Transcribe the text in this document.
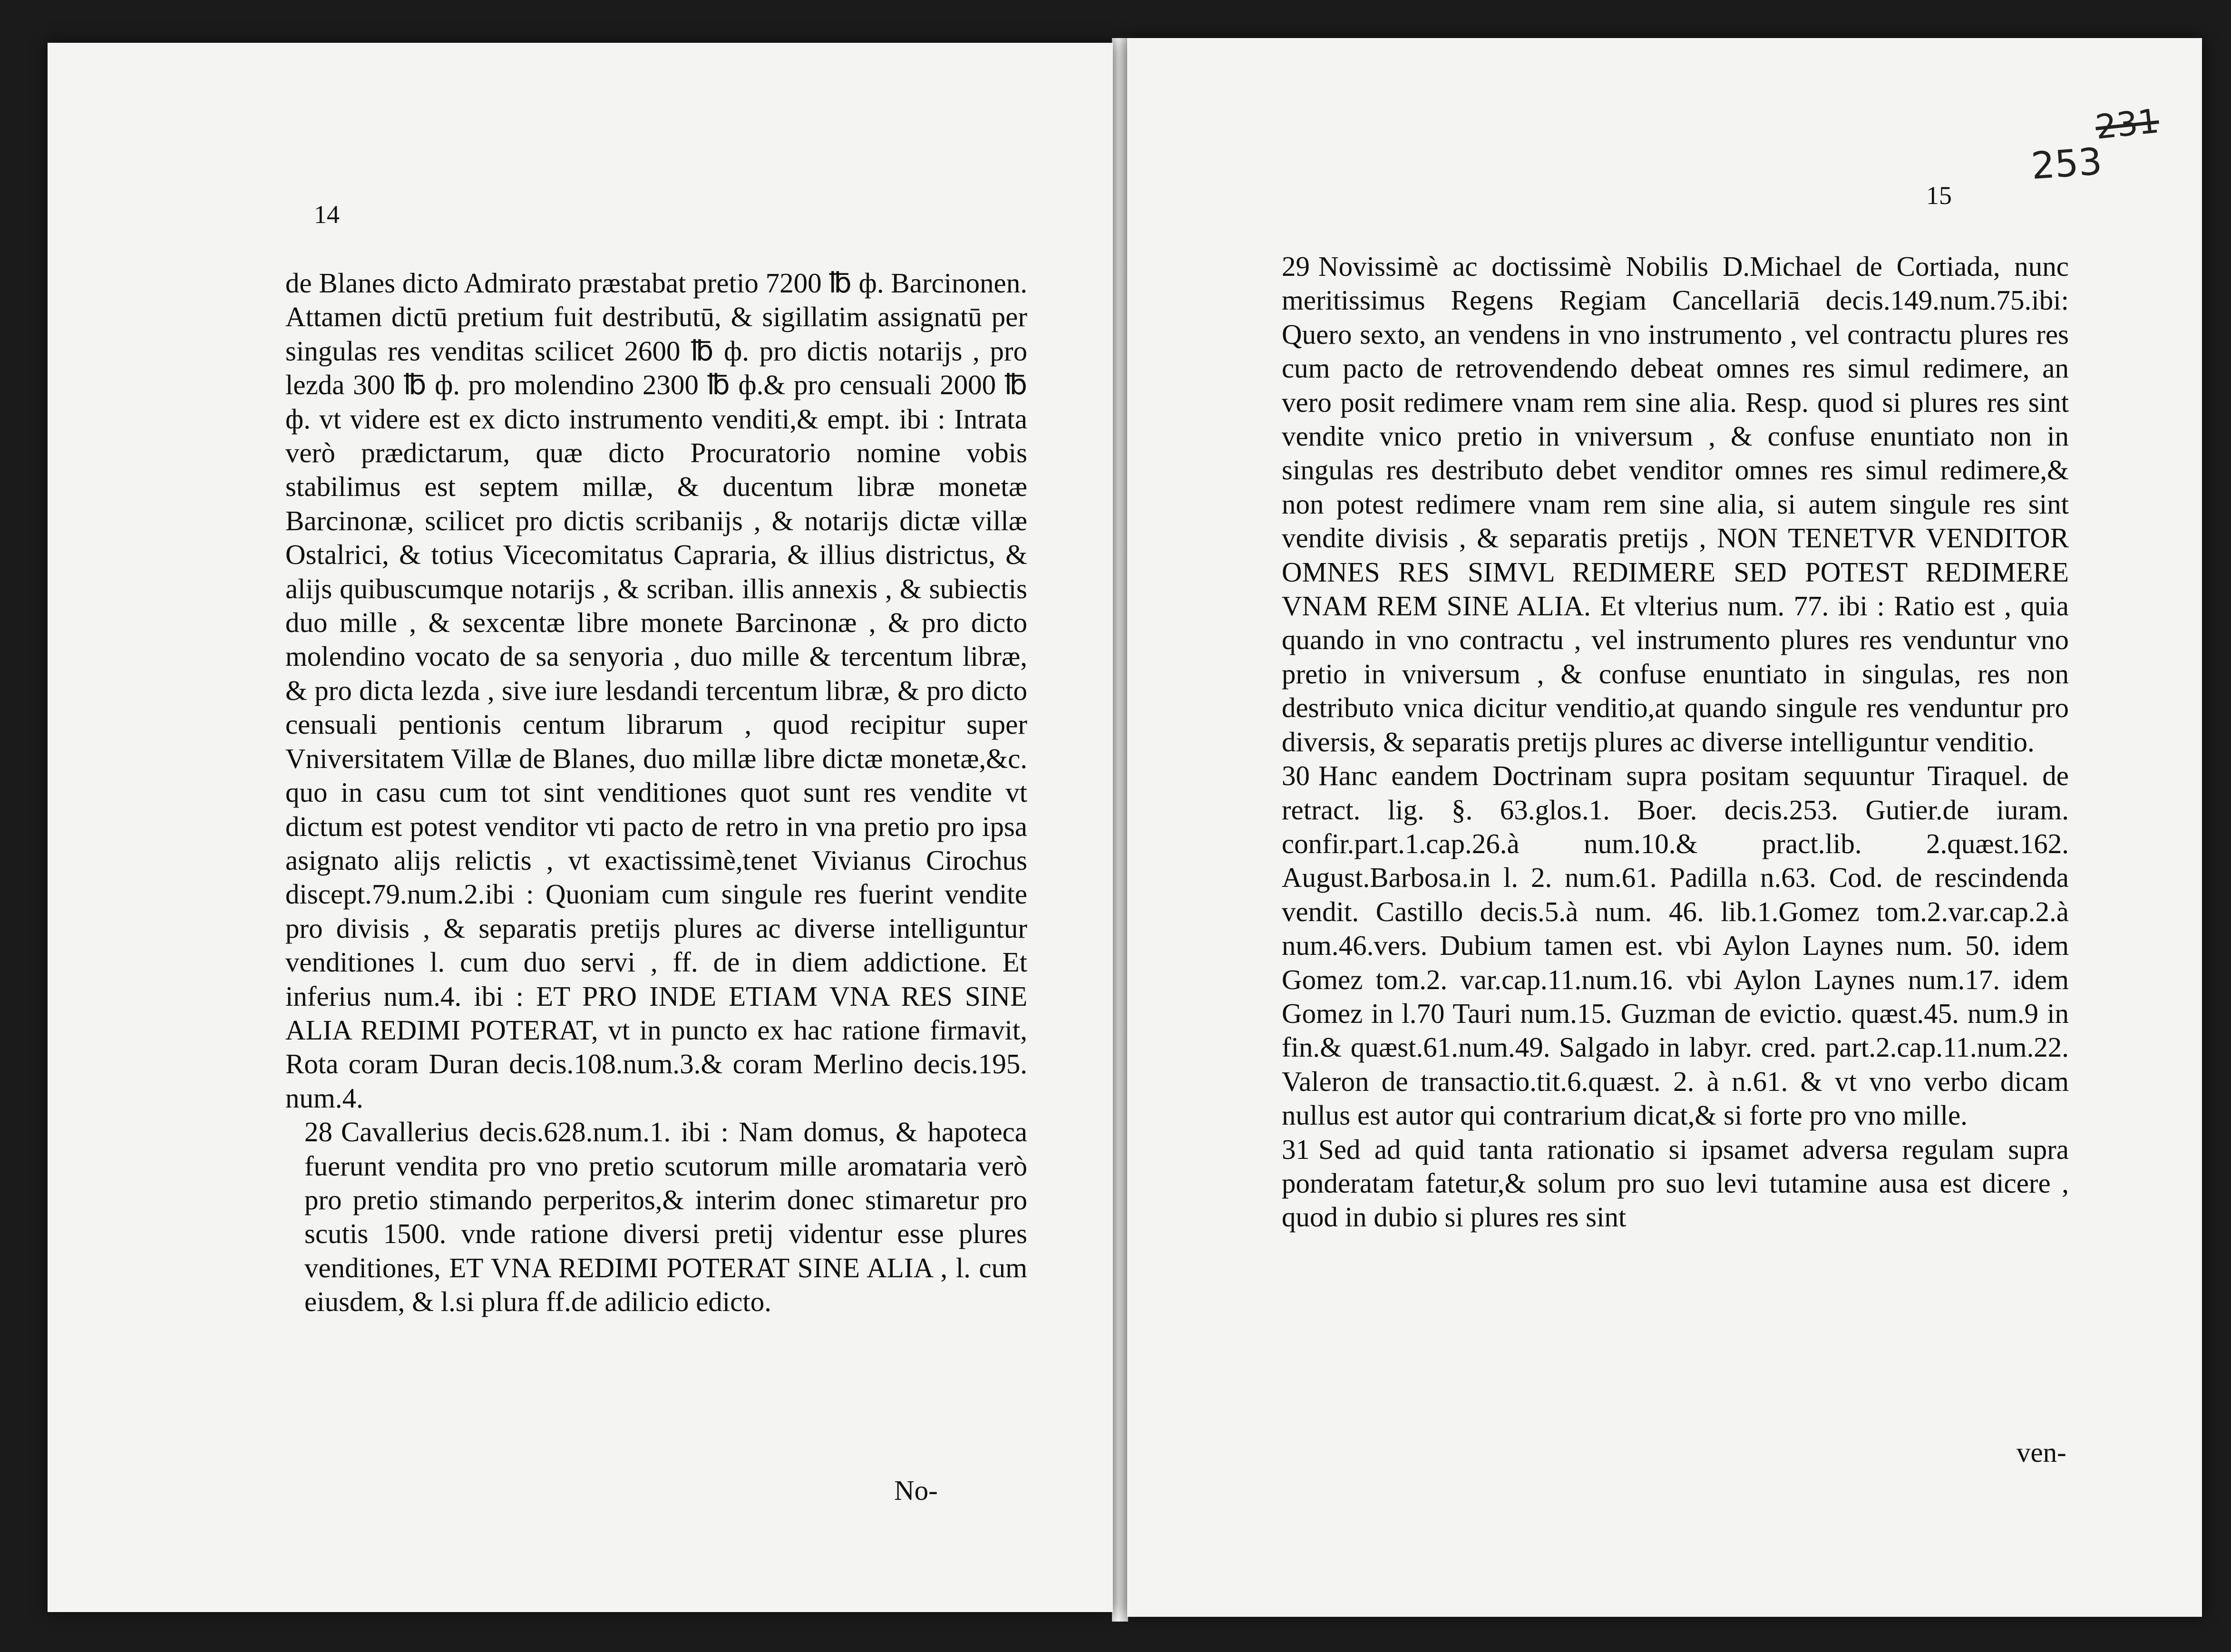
14

de Blanes dicto Admirato præstabat pretio 7200 ℔ ф. Barcinonen. Attamen dictū pretium fuit destributū, & sigillatim assignatū per singulas res venditas scilicet 2600 ℔ ф. pro dictis notarijs , pro lezda 300 ℔ ф. pro molendino 2300 ℔ ф.& pro censuali 2000 ℔ ф. vt videre est ex dicto instrumento venditi,& empt. ibi : Intrata verò prædictarum, quæ dicto Procuratorio nomine vobis stabilimus est septem millæ, & ducentum libræ monetæ Barcinonæ, scilicet pro dictis scribanijs , & notarijs dictæ villæ Ostalrici, & totius Vicecomitatus Capraria, & illius districtus, & alijs quibuscumque notarijs , & scriban. illis annexis , & subiectis duo mille , & sexcentæ libre monete Barcinonæ , & pro dicto molendino vocato de sa senyoria , duo mille & tercentum libræ, & pro dicta lezda , sive iure lesdandi tercentum libræ, & pro dicto censuali pentionis centum librarum , quod recipitur super Vniversitatem Villæ de Blanes, duo millæ libre dictæ monetæ,&c. quo in casu cum tot sint venditiones quot sunt res vendite vt dictum est potest venditor vti pacto de retro in vna pretio pro ipsa asignato alijs relictis , vt exactissimè,tenet Vivianus Cirochus discept.79.num.2.ibi : Quoniam cum singule res fuerint vendite pro divisis , & separatis pretijs plures ac diverse intelliguntur venditiones l. cum duo servi , ff. de in diem addictione. Et inferius num.4. ibi : ET PRO INDE ETIAM VNA RES SINE ALIA REDIMI POTERAT, vt in puncto ex hac ratione firmavit, Rota coram Duran decis.108.num.3.& coram Merlino decis.195. num.4.

28 Cavallerius decis.628.num.1. ibi : Nam domus, & hapoteca fuerunt vendita pro vno pretio scutorum mille aromataria verò pro pretio stimando perperitos,& interim donec stimaretur pro scutis 1500. vnde ratione diversi pretij videntur esse plures venditiones, ET VNA REDIMI POTERAT SINE ALIA , l. cum eiusdem, & l.si plura ff.de adilicio edicto.

No-
231
253
15

29 Novissimè ac doctissimè Nobilis D.Michael de Cortiada, nunc meritissimus Regens Regiam Cancellariā decis.149.num.75.ibi: Quero sexto, an vendens in vno instrumento , vel contractu plures res cum pacto de retrovendendo debeat omnes res simul redimere, an vero posit redimere vnam rem sine alia. Resp. quod si plures res sint vendite vnico pretio in vniversum , & confuse enuntiato non in singulas res destributo debet venditor omnes res simul redimere,& non potest redimere vnam rem sine alia, si autem singule res sint vendite divisis , & separatis pretijs , NON TENETVR VENDITOR OMNES RES SIMVL REDIMERE SED POTEST REDIMERE VNAM REM SINE ALIA. Et vlterius num. 77. ibi : Ratio est , quia quando in vno contractu , vel instrumento plures res venduntur vno pretio in vniversum , & confuse enuntiato in singulas, res non destributo vnica dicitur venditio,at quando singule res venduntur pro diversis, & separatis pretijs plures ac diverse intelliguntur venditio.

30 Hanc eandem Doctrinam supra positam sequuntur Tiraquel. de retract. lig. §. 63.glos.1. Boer. decis.253. Gutier.de iuram. confir.part.1.cap.26.à num.10.& pract.lib. 2.quæst.162. August.Barbosa.in l. 2. num.61. Padilla n.63. Cod. de rescindenda vendit. Castillo decis.5.à num. 46. lib.1.Gomez tom.2.var.cap.2.à num.46.vers. Dubium tamen est. vbi Aylon Laynes num. 50. idem Gomez tom.2. var.cap.11.num.16. vbi Aylon Laynes num.17. idem Gomez in l.70 Tauri num.15. Guzman de evictio. quæst.45. num.9 in fin.& quæst.61.num.49. Salgado in labyr. cred. part.2.cap.11.num.22. Valeron de transactio.tit.6.quæst. 2. à n.61. & vt vno verbo dicam nullus est autor qui contrarium dicat,& si forte pro vno mille.

31 Sed ad quid tanta rationatio si ipsamet adversa regulam supra ponderatam fatetur,& solum pro suo levi tutamine ausa est dicere , quod in dubio si plures res sint

ven-
